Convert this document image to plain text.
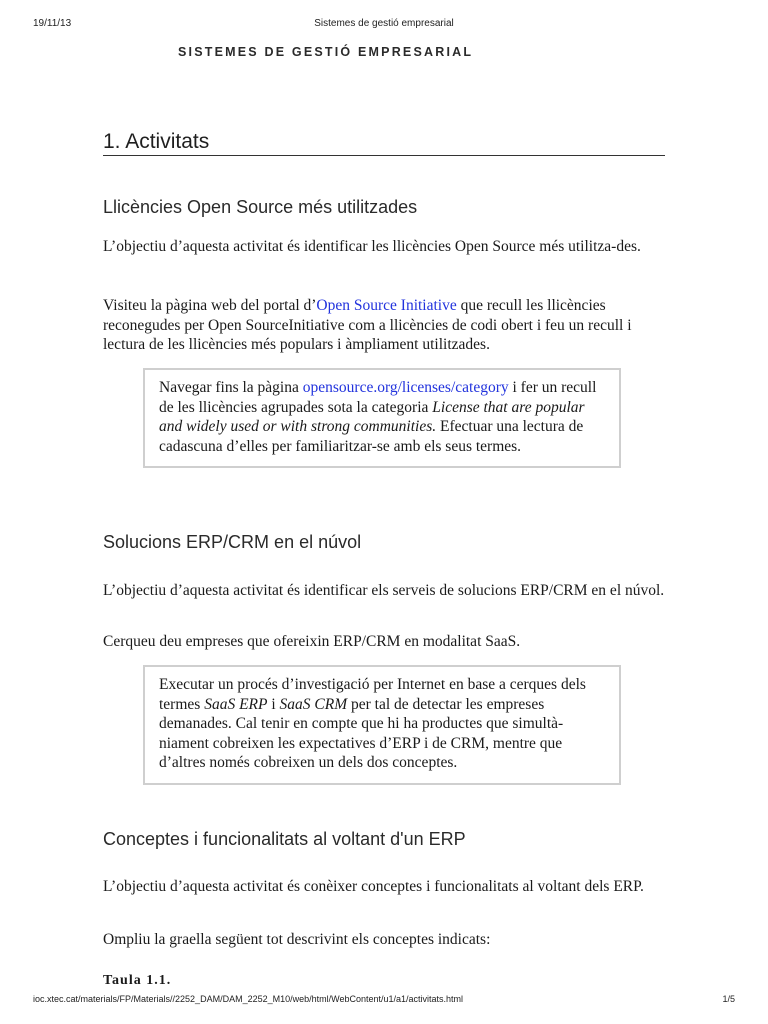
19/11/13	Sistemes de gestió empresarial
SISTEMES DE GESTIÓ EMPRESARIAL
1. Activitats
Llicències Open Source més utilitzades

L’objectiu d’aquesta activitat és identificar les llicències Open Source més utilitza-des.

Visiteu la pàgina web del portal d’Open Source Initiative que recull les llicències reconegudes per Open SourceInitiative com a llicències de codi obert i feu un recull i lectura de les llicències més populars i àmpliament utilitzades.

Navegar fins la pàgina opensource.org/licenses/category i fer un recull de les llicències agrupades sota la categoria License that are popular and widely used or with strong communities. Efectuar una lectura de cadascuna d’elles per familiaritzar-se amb els seus termes.
Solucions ERP/CRM en el núvol

L’objectiu d’aquesta activitat és identificar els serveis de solucions ERP/CRM en el núvol.

Cerqueu deu empreses que ofereixin ERP/CRM en modalitat SaaS.

Executar un procés d’investigació per Internet en base a cerques dels termes SaaS ERP i SaaS CRM per tal de detectar les empreses demanades. Cal tenir en compte que hi ha productes que simultà-niament cobreixen les expectatives d’ERP i de CRM, mentre que d’altres només cobreixen un dels dos conceptes.
Conceptes i funcionalitats al voltant d'un ERP

L’objectiu d’aquesta activitat és conèixer conceptes i funcionalitats al voltant dels ERP.

Ompliu la graella següent tot descrivint els conceptes indicats:

Taula 1.1.
ioc.xtec.cat/materials/FP/Materials//2252_DAM/DAM_2252_M10/web/html/WebContent/u1/a1/activitats.html	1/5
